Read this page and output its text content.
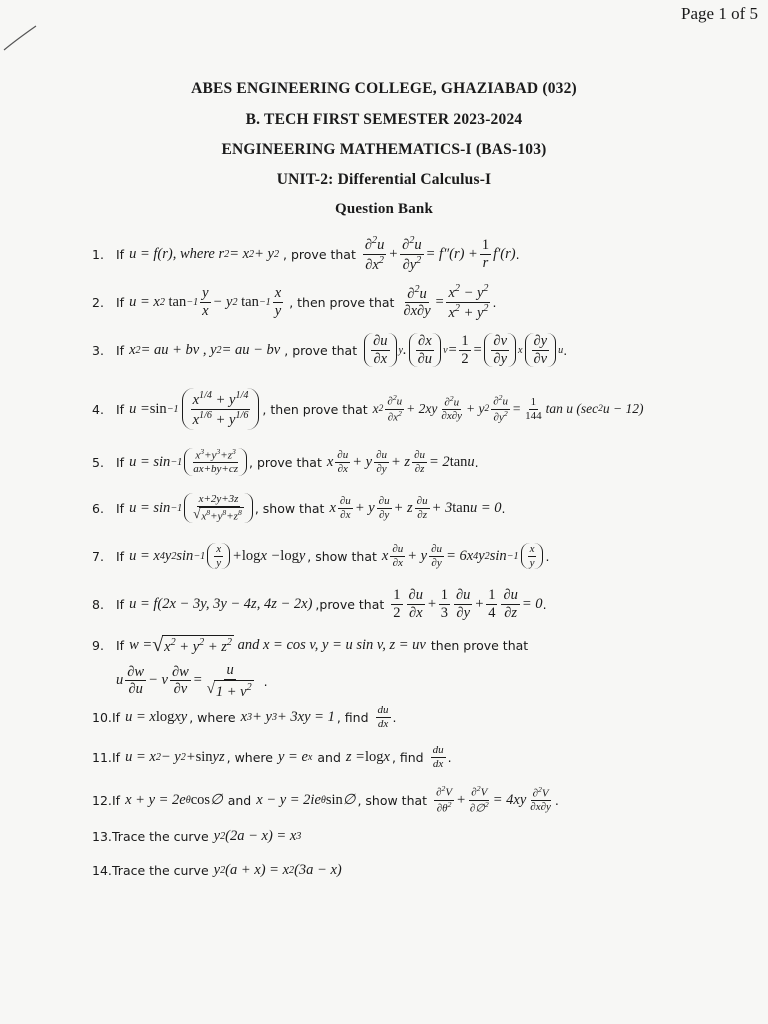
Page 1 of 5
ABES ENGINEERING COLLEGE, GHAZIABAD (032)
B. TECH FIRST SEMESTER 2023-2024
ENGINEERING MATHEMATICS-I (BAS-103)
UNIT-2: Differential Calculus-I
Question Bank
1. If u = f(r), where r 2 = x 2 + y 2 , prove that $\frac{\partial^2u}{\partial x^2} + \frac{\partial^2u}{\partial y^2} = f''(r) + \frac{1}{r} f'(r)$ .
2. If u = x 2
$\tan -1 \frac{y}{x} - y$ 2
$\tan -1 \frac{x}{y}$ , then prove that $\frac{\partial^2u}{\partial x\partial y} = \frac{x^2 - y^2}{x^2 + y^2}$ .
3. If x 2 = au + bv , y 2 = au − bv , prove that $\frac{\partial u}{\partial x}$ y . $\frac{\partial x}{\partial u}$ $v = \frac{1}{2} = \frac{\partial v}{\partial y}$ x $\frac{\partial y}{\partial v}$ u .
4. If $u = \sin -1 \frac{x^{1/4} + y^{1/4}}{x^{1/6} + y^{1/6}}$ , then prove that x $2 \frac{\partial^2u}{\partial x^2} + 2xy \frac{\partial^2u}{\partial x\partial y} + y$ $2 \frac{\partial^2u}{\partial y^2} = \frac{1}{144}$ tan u (sec 2 u − 12)
5. If $u = \sin -1 \frac{x^3+y^3+z^3}{ax+by+cz}$ , prove that x $\frac{\partial u}{\partial x} + y \frac{\partial u}{\partial y} + z \frac{\partial u}{\partial z} = 2$ tan u .
6. If $u = \sin -1 \frac{x+2y+3z}{√ x^8+y^8+z^8}$ , show that x $\frac{\partial u}{\partial x} + y \frac{\partial u}{\partial y} + z \frac{\partial u}{\partial z} + 3$ tan u = 0 .
7. If u = x 4 y 2 $\sin -1 \frac{x}{y} + \log x - \log y$ , show that x $\frac{\partial u}{\partial x} + y \frac{\partial u}{\partial y} = 6x$ 4 y 2 $\sin -1 \frac{x}{y}$ .
8. If u = f(2x − 3y, 3y − 4z, 4z − 2x) ,prove that $\frac{1}{2} \frac{\partial u}{\partial x} + \frac{1}{3} \frac{\partial u}{\partial y} + \frac{1}{4} \frac{\partial u}{\partial z} = 0$ .
9. If w = √ $x^2 + y^2 + z^2$ and x = cos v, y = u sin v, z = uv then prove that
u $\frac{\partial w}{\partial u} - v \frac{\partial w}{\partial v} = \frac{u}{√ 1 + v^2}$ .
10. If u = x log xy , where x 3 + y 3 + 3xy = 1 , find $\frac{du}{dx}$ .
11. If u = x 2 − y 2 + sin yz , where y = e x and z = log x , find $\frac{du}{dx}$ .
12. If x + y = 2e θ cos ∅ and x − y = 2ie θ sin ∅ , show that $\frac{\partial^2V}{\partial\theta^2} + \frac{\partial^2V}{\partial\emptyset^2} = 4xy \frac{\partial^2V}{\partial x\partial y}$ .
13. Trace the curve y 2 (2a − x) = x 3
14. Trace the curve y 2 (a + x) = x 2 (3a − x)
